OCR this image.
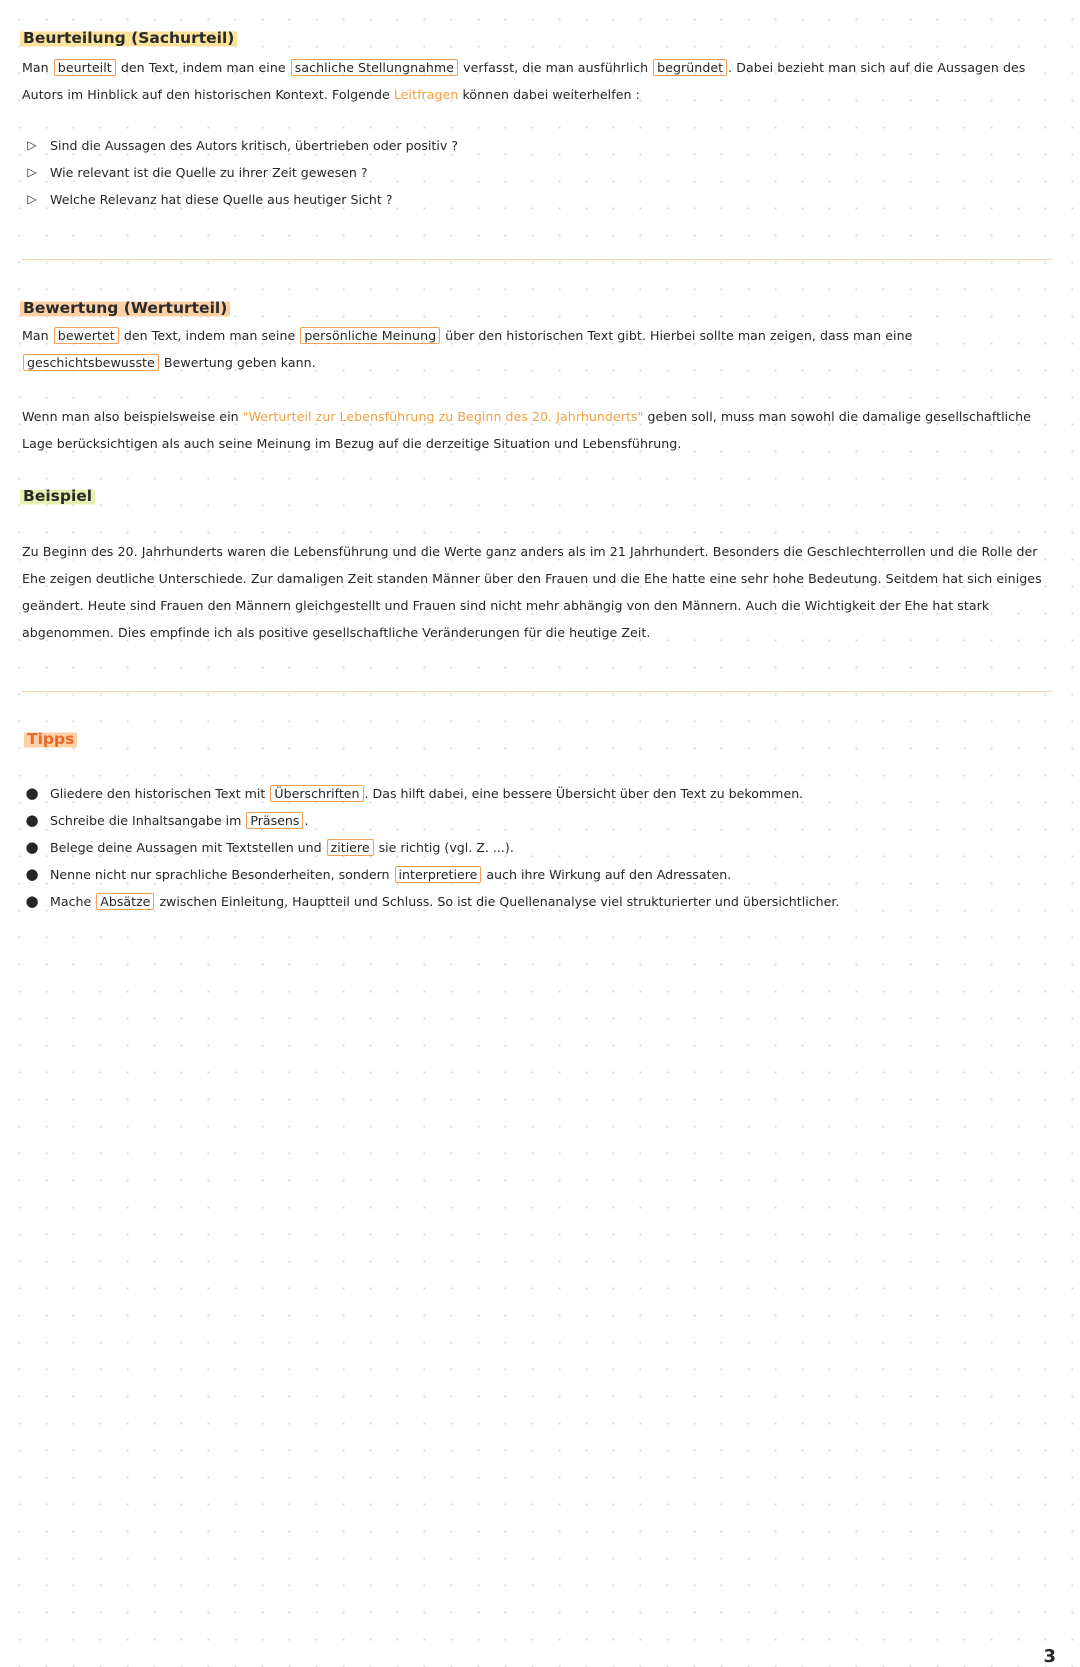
Beurteilung (Sachurteil)
Man beurteilt den Text, indem man eine sachliche Stellungnahme verfasst, die man ausführlich begründet . Dabei bezieht man sich auf die Aussagen des Autors im Hinblick auf den historischen Kontext. Folgende Leitfragen können dabei weiterhelfen :
▷ Sind die Aussagen des Autors kritisch, übertrieben oder positiv ?
▷ Wie relevant ist die Quelle zu ihrer Zeit gewesen ?
▷ Welche Relevanz hat diese Quelle aus heutiger Sicht ?
Bewertung (Werturteil)
Man bewertet den Text, indem man seine persönliche Meinung über den historischen Text gibt. Hierbei sollte man zeigen, dass man eine geschichtsbewusste Bewertung geben kann.
Wenn man also beispielsweise ein "Werturteil zur Lebensführung zu Beginn des 20. Jahrhunderts" geben soll, muss man sowohl die damalige gesellschaftliche Lage berücksichtigen als auch seine Meinung im Bezug auf die derzeitige Situation und Lebensführung.
Beispiel
Zu Beginn des 20. Jahrhunderts waren die Lebensführung und die Werte ganz anders als im 21 Jahrhundert. Besonders die Geschlechterrollen und die Rolle der Ehe zeigen deutliche Unterschiede. Zur damaligen Zeit standen Männer über den Frauen und die Ehe hatte eine sehr hohe Bedeutung. Seitdem hat sich einiges geändert. Heute sind Frauen den Männern gleichgestellt und Frauen sind nicht mehr abhängig von den Männern. Auch die Wichtigkeit der Ehe hat stark abgenommen. Dies empfinde ich als positive gesellschaftliche Veränderungen für die heutige Zeit.
Tipps
● Gliedere den historischen Text mit Überschriften . Das hilft dabei, eine bessere Übersicht über den Text zu bekommen.
● Schreibe die Inhaltsangabe im Präsens .
● Belege deine Aussagen mit Textstellen und zitiere sie richtig (vgl. Z. ...).
● Nenne nicht nur sprachliche Besonderheiten, sondern interpretiere auch ihre Wirkung auf den Adressaten.
● Mache Absätze zwischen Einleitung, Hauptteil und Schluss. So ist die Quellenanalyse viel strukturierter und übersichtlicher.
3
